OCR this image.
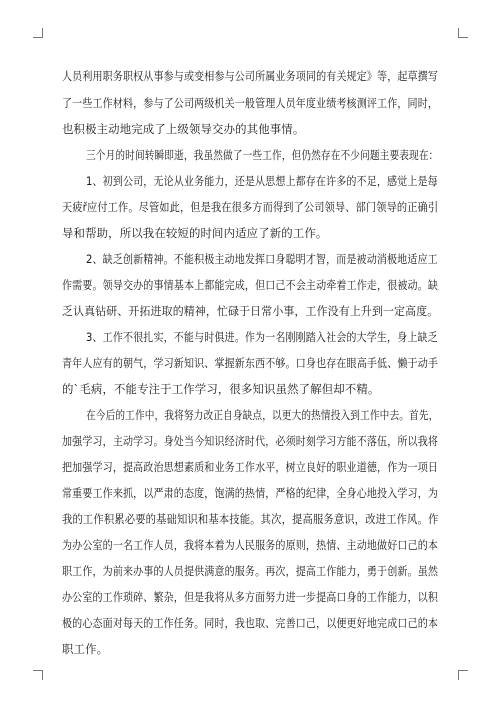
人员利用职务职权从事参与或变相参与公司所属业务项同的有关规定》等，起草撰写
了一些工作材料，参与了公司两级机关一般管理人员年度业绩考核测评工作，同时，
也积极主动地完成了上级领导交办的其他事情。
三个月的时间转瞬即逝，我虽然做了一些工作，但仍然存在不少问题主要表现在：
1、初到公司，无论从业务能力，还是从思想上都存在许多的不足，感觉上是每
天疲ř应付工作。尽管如此，但是我在很多方而得到了公司领导、部门领导的正确引
导和帮助，所以我在较短的时间内适应了新的工作。
2、缺乏创新精神。不能积极主动地发挥口身聪明才智，而是被动消极地适应工
作需要。领导交办的事情基本上都能完成，但口己不会主动牵着工作走，很被动。缺
乏认真钻研、开拓进取的精神，忙碌于日常小事，工作没有上升到一定高度。
3、工作不很扎实，不能与时俱进。作为一名刚刚踏入社会的大学生，身上缺乏
青年人应有的朝气，学习新知识、掌握新东西不够。口身也存在眼高手低、懒于动手
的`毛病，不能专注于工作学习，很多知识虽然了解但却不精。
在今后的工作中，我将努力改正自身缺点，以更大的热情投入到工作中去。首先，
加强学习，主动学习。身处当今知识经济时代，必须时刻学习方能不落伍，所以我将
把加强学习，提高政治思想素质和业务工作水平，树立良好的职业道德，作为一项日
常重要工作来抓，以严肃的态度，饱满的热情，严格的纪律，全身心地投入学习，为
我的工作积累必要的基础知识和基本技能。其次，提高服务意识，改进工作风。作
为办公室的一名工作人员，我将本着为人民服务的原则，热情、主动地做好口己的本
职工作，为前来办事的人员提供满意的服务。再次，提高工作能力，勇于创新。虽然
办公室的工作琐碎、繁杂，但是我将从多方面努力进一步提高口身的工作能力，以积
极的心态面对每天的工作任务。同时，我也取、完善口己，以便更好地完成口己的本
职工作。
